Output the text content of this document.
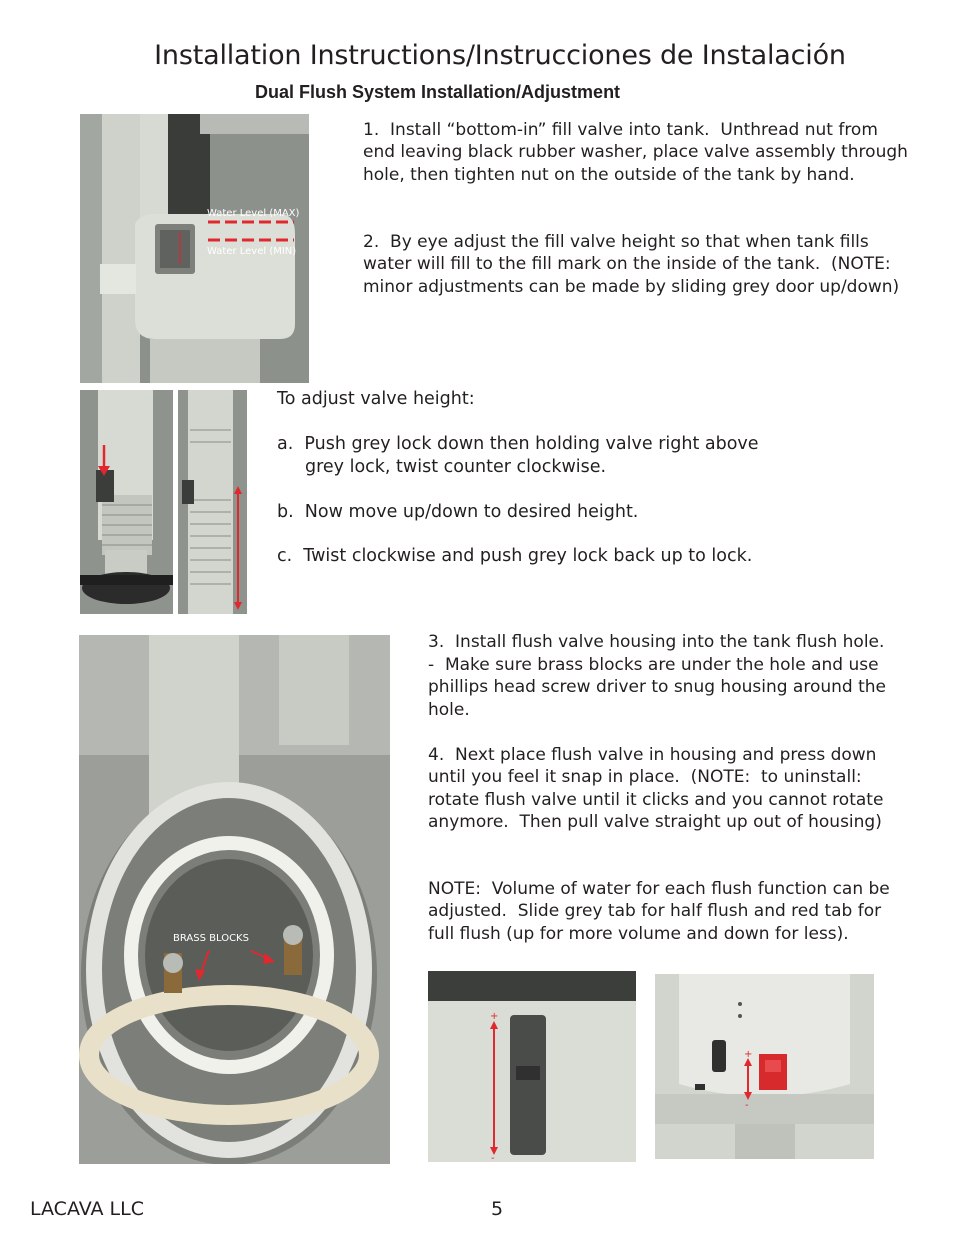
Installation Instructions/Instrucciones de Instalación
Dual Flush System Installation/Adjustment
Water Level (MAX)
Water Level (MIN)

1.  Install “bottom-in” fill valve into tank.  Unthread nut from end leaving black rubber washer, place valve assembly through hole, then tighten nut on the outside of the tank by hand.

2.  By eye adjust the fill valve height so that when tank fills water will fill to the fill mark on the inside of the tank.  (NOTE: minor adjustments can be made by sliding grey door up/down)

To adjust valve height:
a.  Push grey lock down then holding valve right above
grey lock, twist counter clockwise.
b.  Now move up/down to desired height.
c.  Twist clockwise and push grey lock back up to lock.
BRASS BLOCKS
3.  Install flush valve housing into the tank flush hole.

-  Make sure brass blocks are under the hole and use phillips head screw driver to snug housing around the hole.

4.  Next place flush valve in housing and press down until you feel it snap in place.  (NOTE:  to uninstall:  rotate flush valve until it clicks and you cannot rotate anymore.  Then pull valve straight up out of housing)

NOTE:  Volume of water for each flush function can be adjusted.  Slide grey tab for half flush and red tab for full flush (up for more volume and down for less).

+
-
+
-
LACAVA LLC	5
